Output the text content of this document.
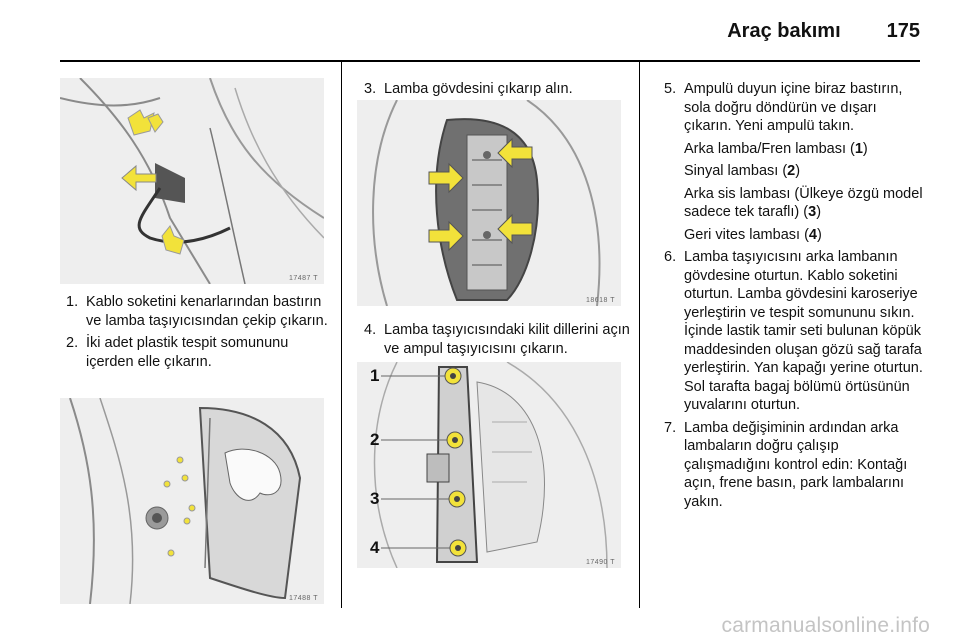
Araç bakımı 175
17487 T
1. Kablo soketini kenarlarından bastırın ve lamba taşıyıcısından çekip çıkarın.
2. İki adet plastik tespit somununu içerden elle çıkarın.
17488 T
3. Lamba gövdesini çıkarıp alın.
18618 T
4. Lamba taşıyıcısındaki kilit dillerini açın ve ampul taşıyıcısını çıkarın.
1
2
3
4
17490 T
5. Ampulü duyun içine biraz bastırın, sola doğru döndürün ve dışarı çıkarın. Yeni ampulü takın.

Arka lamba/Fren lambası (1)

Sinyal lambası (2)

Arka sis lambası (Ülkeye özgü model sadece tek taraflı) (3)

Geri vites lambası (4)

6. Lamba taşıyıcısını arka lambanın gövdesine oturtun. Kablo soketini oturtun. Lamba gövdesini karoseriye yerleştirin ve tespit somununu sıkın. İçinde lastik tamir seti bulunan köpük maddesinden oluşan gözü sağ tarafa yerleştirin. Yan kapağı yerine oturtun. Sol tarafta bagaj bölümü örtüsünün yuvalarını oturtun.
7. Lamba değişiminin ardından arka lambaların doğru çalışıp çalışmadığını kontrol edin: Kontağı açın, frene basın, park lambalarını yakın.
carmanualsonline.info
